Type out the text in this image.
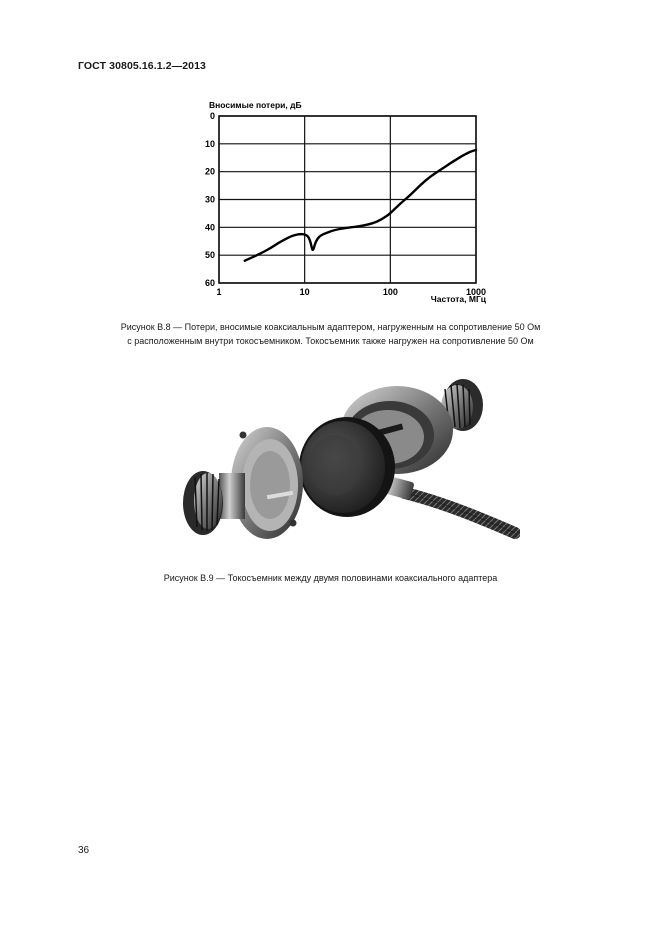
ГОСТ 30805.16.1.2—2013
Вносимые потери, дБ
Частота, МГц
0
10
20
30
40
50
60
1	10	100	1000
Рисунок В.8 — Потери, вносимые коаксиальным адаптером, нагруженным на сопротивление 50 Ом
с расположенным внутри токосъемником. Токосъемник также нагружен на сопротивление 50 Ом
Рисунок В.9 — Токосъемник между двумя половинами коаксиального адаптера
36
